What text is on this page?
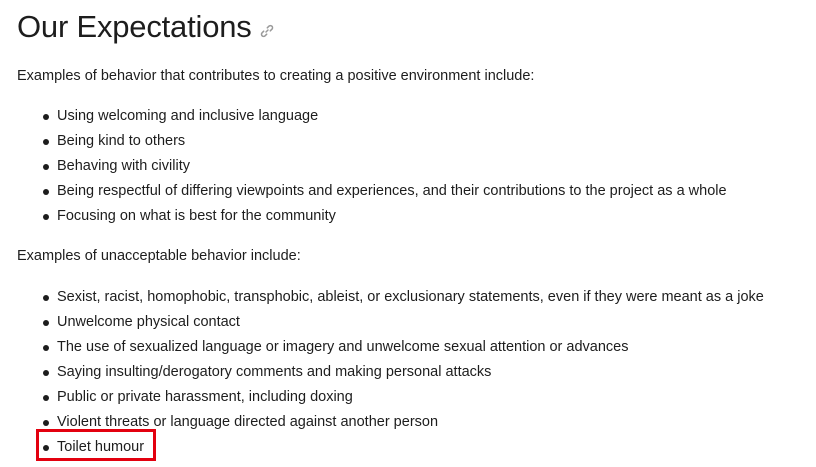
Our Expectations

Examples of behavior that contributes to creating a positive environment include:

Using welcoming and inclusive language
Being kind to others
Behaving with civility
Being respectful of differing viewpoints and experiences, and their contributions to the project as a whole
Focusing on what is best for the community

Examples of unacceptable behavior include:

Sexist, racist, homophobic, transphobic, ableist, or exclusionary statements, even if they were meant as a joke
Unwelcome physical contact
The use of sexualized language or imagery and unwelcome sexual attention or advances
Saying insulting/derogatory comments and making personal attacks
Public or private harassment, including doxing
Violent threats or language directed against another person
Toilet humour
